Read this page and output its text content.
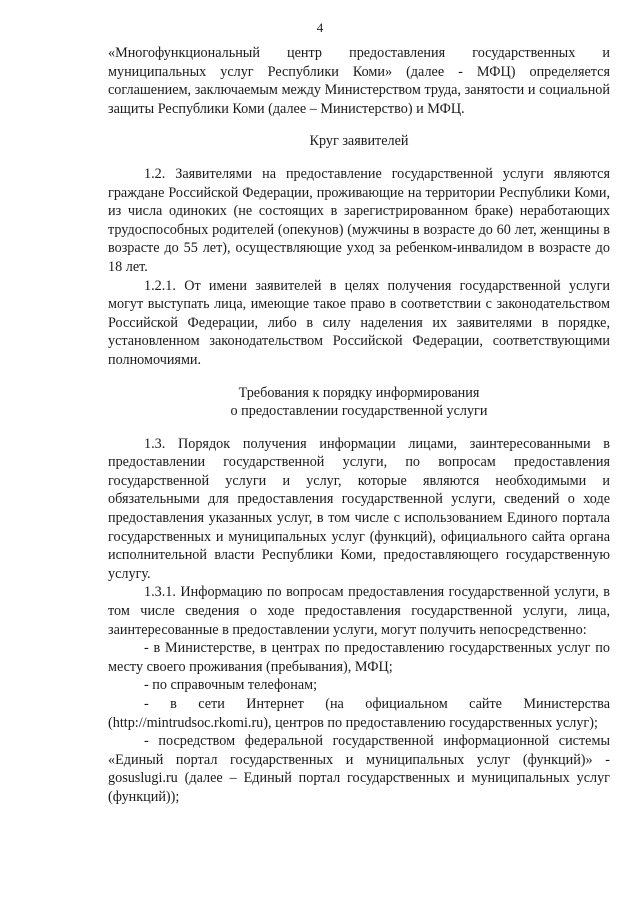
4

«Многофункциональный центр предоставления государственных и муниципальных услуг Республики Коми» (далее - МФЦ) определяется соглашением, заключаемым между Министерством труда, занятости и социальной защиты Республики Коми (далее – Министерство) и МФЦ.

Круг заявителей

1.2. Заявителями на предоставление государственной услуги являются граждане Российской Федерации, проживающие на территории Республики Коми, из числа одиноких (не состоящих в зарегистрированном браке) неработающих трудоспособных родителей (опекунов) (мужчины в возрасте до 60 лет, женщины в возрасте до 55 лет), осуществляющие уход за ребенком-инвалидом в возрасте до 18 лет.

1.2.1. От имени заявителей в целях получения государственной услуги могут выступать лица, имеющие такое право в соответствии с законодательством Российской Федерации, либо в силу наделения их заявителями в порядке, установленном законодательством Российской Федерации, соответствующими полномочиями.

Требования к порядку информирования
о предоставлении государственной услуги

1.3. Порядок получения информации лицами, заинтересованными в предоставлении государственной услуги, по вопросам предоставления государственной услуги и услуг, которые являются необходимыми и обязательными для предоставления государственной услуги, сведений о ходе предоставления указанных услуг, в том числе с использованием Единого портала государственных и муниципальных услуг (функций), официального сайта органа исполнительной власти Республики Коми, предоставляющего государственную услугу.

1.3.1. Информацию по вопросам предоставления государственной услуги, в том числе сведения о ходе предоставления государственной услуги, лица, заинтересованные в предоставлении услуги, могут получить непосредственно:

- в Министерстве, в центрах по предоставлению государственных услуг по месту своего проживания (пребывания), МФЦ;

- по справочным телефонам;

- в сети Интернет (на официальном сайте Министерства (http://mintrudsoc.rkomi.ru), центров по предоставлению государственных услуг);

- посредством федеральной государственной информационной системы «Единый портал государственных и муниципальных услуг (функций)» - gosuslugi.ru (далее – Единый портал государственных и муниципальных услуг (функций));
